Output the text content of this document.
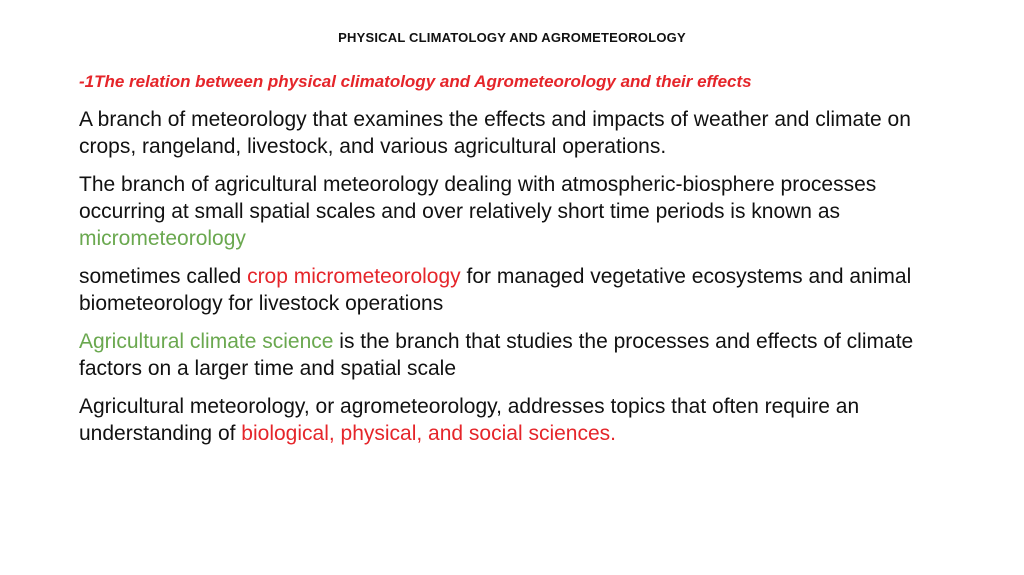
PHYSICAL CLIMATOLOGY AND AGROMETEOROLOGY
-1The relation between physical climatology and Agrometeorology and their effects

A branch of meteorology that examines the effects and impacts of weather and climate on crops, rangeland, livestock, and various agricultural operations.

The branch of agricultural meteorology dealing with atmospheric-biosphere processes occurring at small spatial scales and over relatively short time periods is known as micrometeorology

sometimes called crop micrometeorology for managed vegetative ecosystems and animal biometeorology for livestock operations

Agricultural climate science is the branch that studies the processes and effects of climate factors on a larger time and spatial scale

Agricultural meteorology, or agrometeorology, addresses topics that often require an understanding of biological, physical, and social sciences.
